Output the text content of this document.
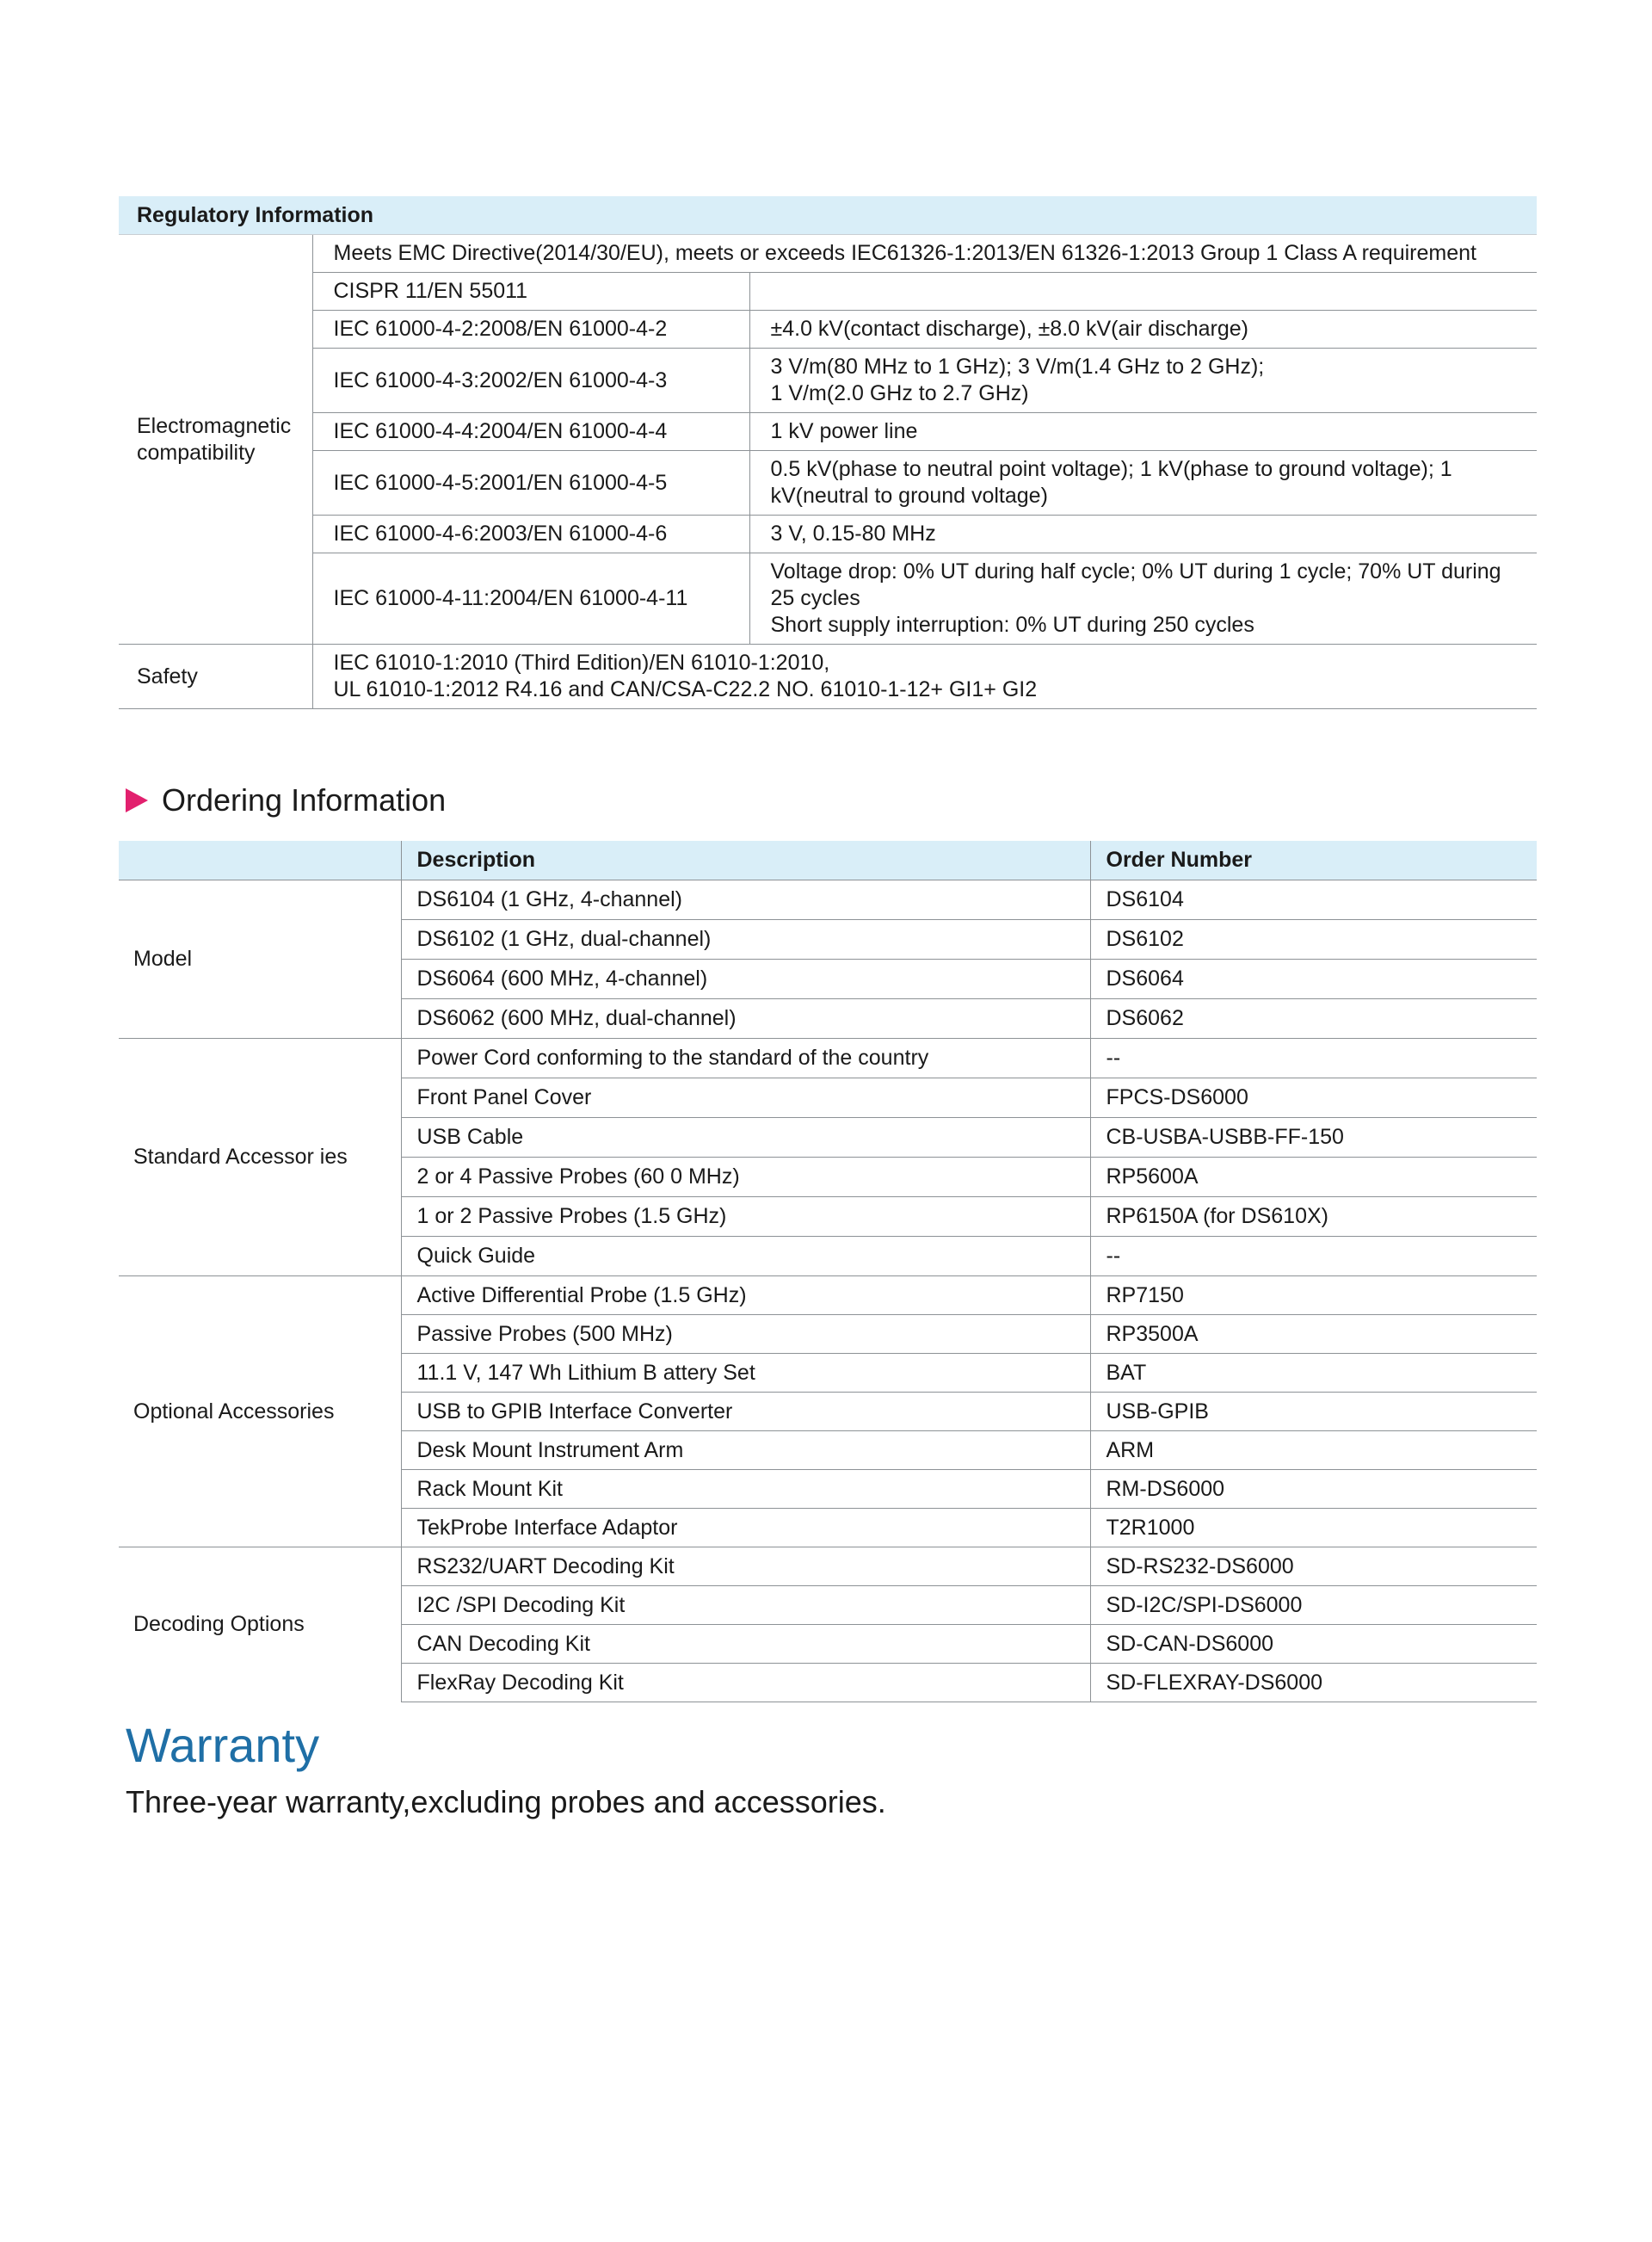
Regulatory Information		
Electromagnetic compatibility	Meets EMC Directive(2014/30/EU), meets or exceeds IEC61326-1:2013/EN 61326-1:2013 Group 1 Class A requirement	
	CISPR 11/EN 55011	
	IEC 61000-4-2:2008/EN 61000-4-2	±4.0 kV(contact discharge), ±8.0 kV(air discharge)
	IEC 61000-4-3:2002/EN 61000-4-3	3 V/m(80 MHz to 1 GHz); 3 V/m(1.4 GHz to 2 GHz);
1 V/m(2.0 GHz to 2.7 GHz)
	IEC 61000-4-4:2004/EN 61000-4-4	1 kV power line
	IEC 61000-4-5:2001/EN 61000-4-5	0.5 kV(phase to neutral point voltage); 1 kV(phase to ground voltage); 1 kV(neutral to ground voltage)
	IEC 61000-4-6:2003/EN 61000-4-6	3 V, 0.15-80 MHz
	IEC 61000-4-11:2004/EN 61000-4-11	Voltage drop: 0% UT during half cycle; 0% UT during 1 cycle; 70% UT during 25 cycles
Short supply interruption: 0% UT during 250 cycles
Safety	IEC 61010-1:2010 (Third Edition)/EN 61010-1:2010,
UL 61010-1:2012 R4.16 and CAN/CSA-C22.2 NO. 61010-1-12+ GI1+ GI2	
Ordering Information
	Description	Order Number
Model	DS6104 (1 GHz, 4-channel)	DS6104
	DS6102 (1 GHz, dual-channel)	DS6102
	DS6064 (600 MHz, 4-channel)	DS6064
	DS6062 (600 MHz, dual-channel)	DS6062
Standard Accessor ies	Power Cord conforming to the standard of the country	--
	Front Panel Cover	FPCS-DS6000
	USB Cable	CB-USBA-USBB-FF-150
	2 or 4 Passive Probes (60 0 MHz)	RP5600A
	1 or 2 Passive Probes (1.5 GHz)	RP6150A (for DS610X)
	Quick Guide	--
Optional Accessories	Active Differential Probe (1.5 GHz)	RP7150
	Passive Probes (500 MHz)	RP3500A
	11.1 V, 147 Wh Lithium B attery Set	BAT
	USB to GPIB Interface Converter	USB-GPIB
	Desk Mount Instrument Arm	ARM
	Rack Mount Kit	RM-DS6000
	TekProbe Interface Adaptor	T2R1000
Decoding Options	RS232/UART Decoding Kit	SD-RS232-DS6000
	I2C /SPI Decoding Kit	SD-I2C/SPI-DS6000
	CAN Decoding Kit	SD-CAN-DS6000
	FlexRay Decoding Kit	SD-FLEXRAY-DS6000
Warranty
Three-year warranty,excluding probes and accessories.
